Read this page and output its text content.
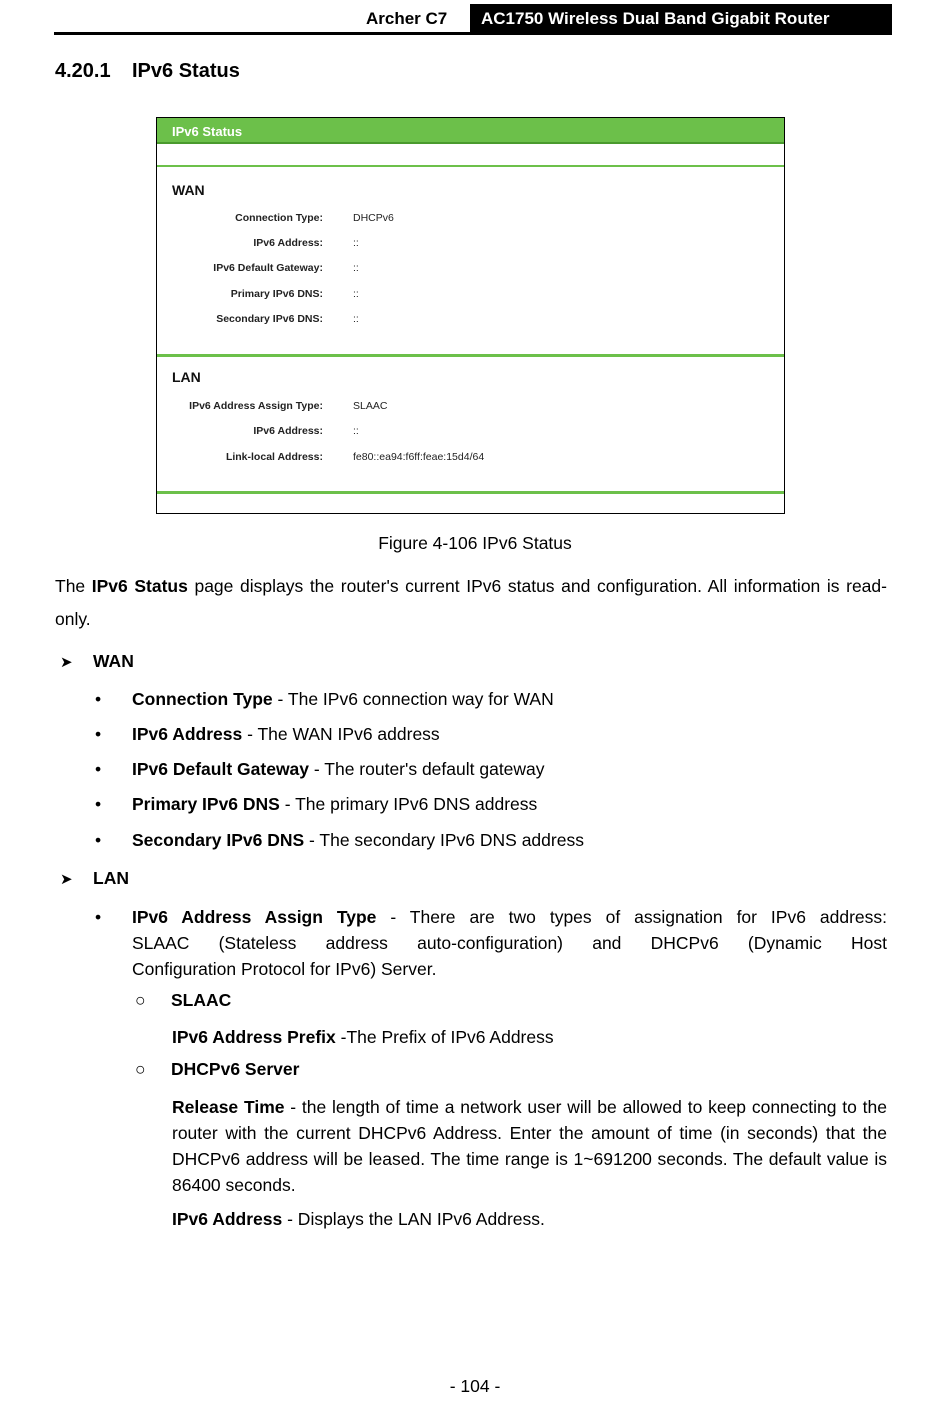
Archer C7	AC1750 Wireless Dual Band Gigabit Router
4.20.1 IPv6 Status
IPv6 Status
WAN
Connection Type:	DHCPv6
IPv6 Address:	::
IPv6 Default Gateway:	::
Primary IPv6 DNS:	::
Secondary IPv6 DNS:	::
LAN
IPv6 Address Assign Type:	SLAAC
IPv6 Address:	::
Link-local Address:	fe80::ea94:f6ff:feae:15d4/64
Figure 4-106 IPv6 Status
The IPv6 Status page displays the router's current IPv6 status and configuration. All information is read-only.
➤ WAN
• Connection Type - The IPv6 connection way for WAN
• IPv6 Address - The WAN IPv6 address
• IPv6 Default Gateway - The router's default gateway
• Primary IPv6 DNS - The primary IPv6 DNS address
• Secondary IPv6 DNS - The secondary IPv6 DNS address
➤ LAN
• IPv6 Address Assign Type - There are two types of assignation for IPv6 address:
SLAAC (Stateless address auto-configuration) and DHCPv6 (Dynamic Host
Configuration Protocol for IPv6) Server.
○ SLAAC
IPv6 Address Prefix -The Prefix of IPv6 Address
○ DHCPv6 Server
Release Time - the length of time a network user will be allowed to keep connecting to the router with the current DHCPv6 Address. Enter the amount of time (in seconds) that the DHCPv6 address will be leased. The time range is 1~691200 seconds. The default value is 86400 seconds.
IPv6 Address - Displays the LAN IPv6 Address.
- 104 -
